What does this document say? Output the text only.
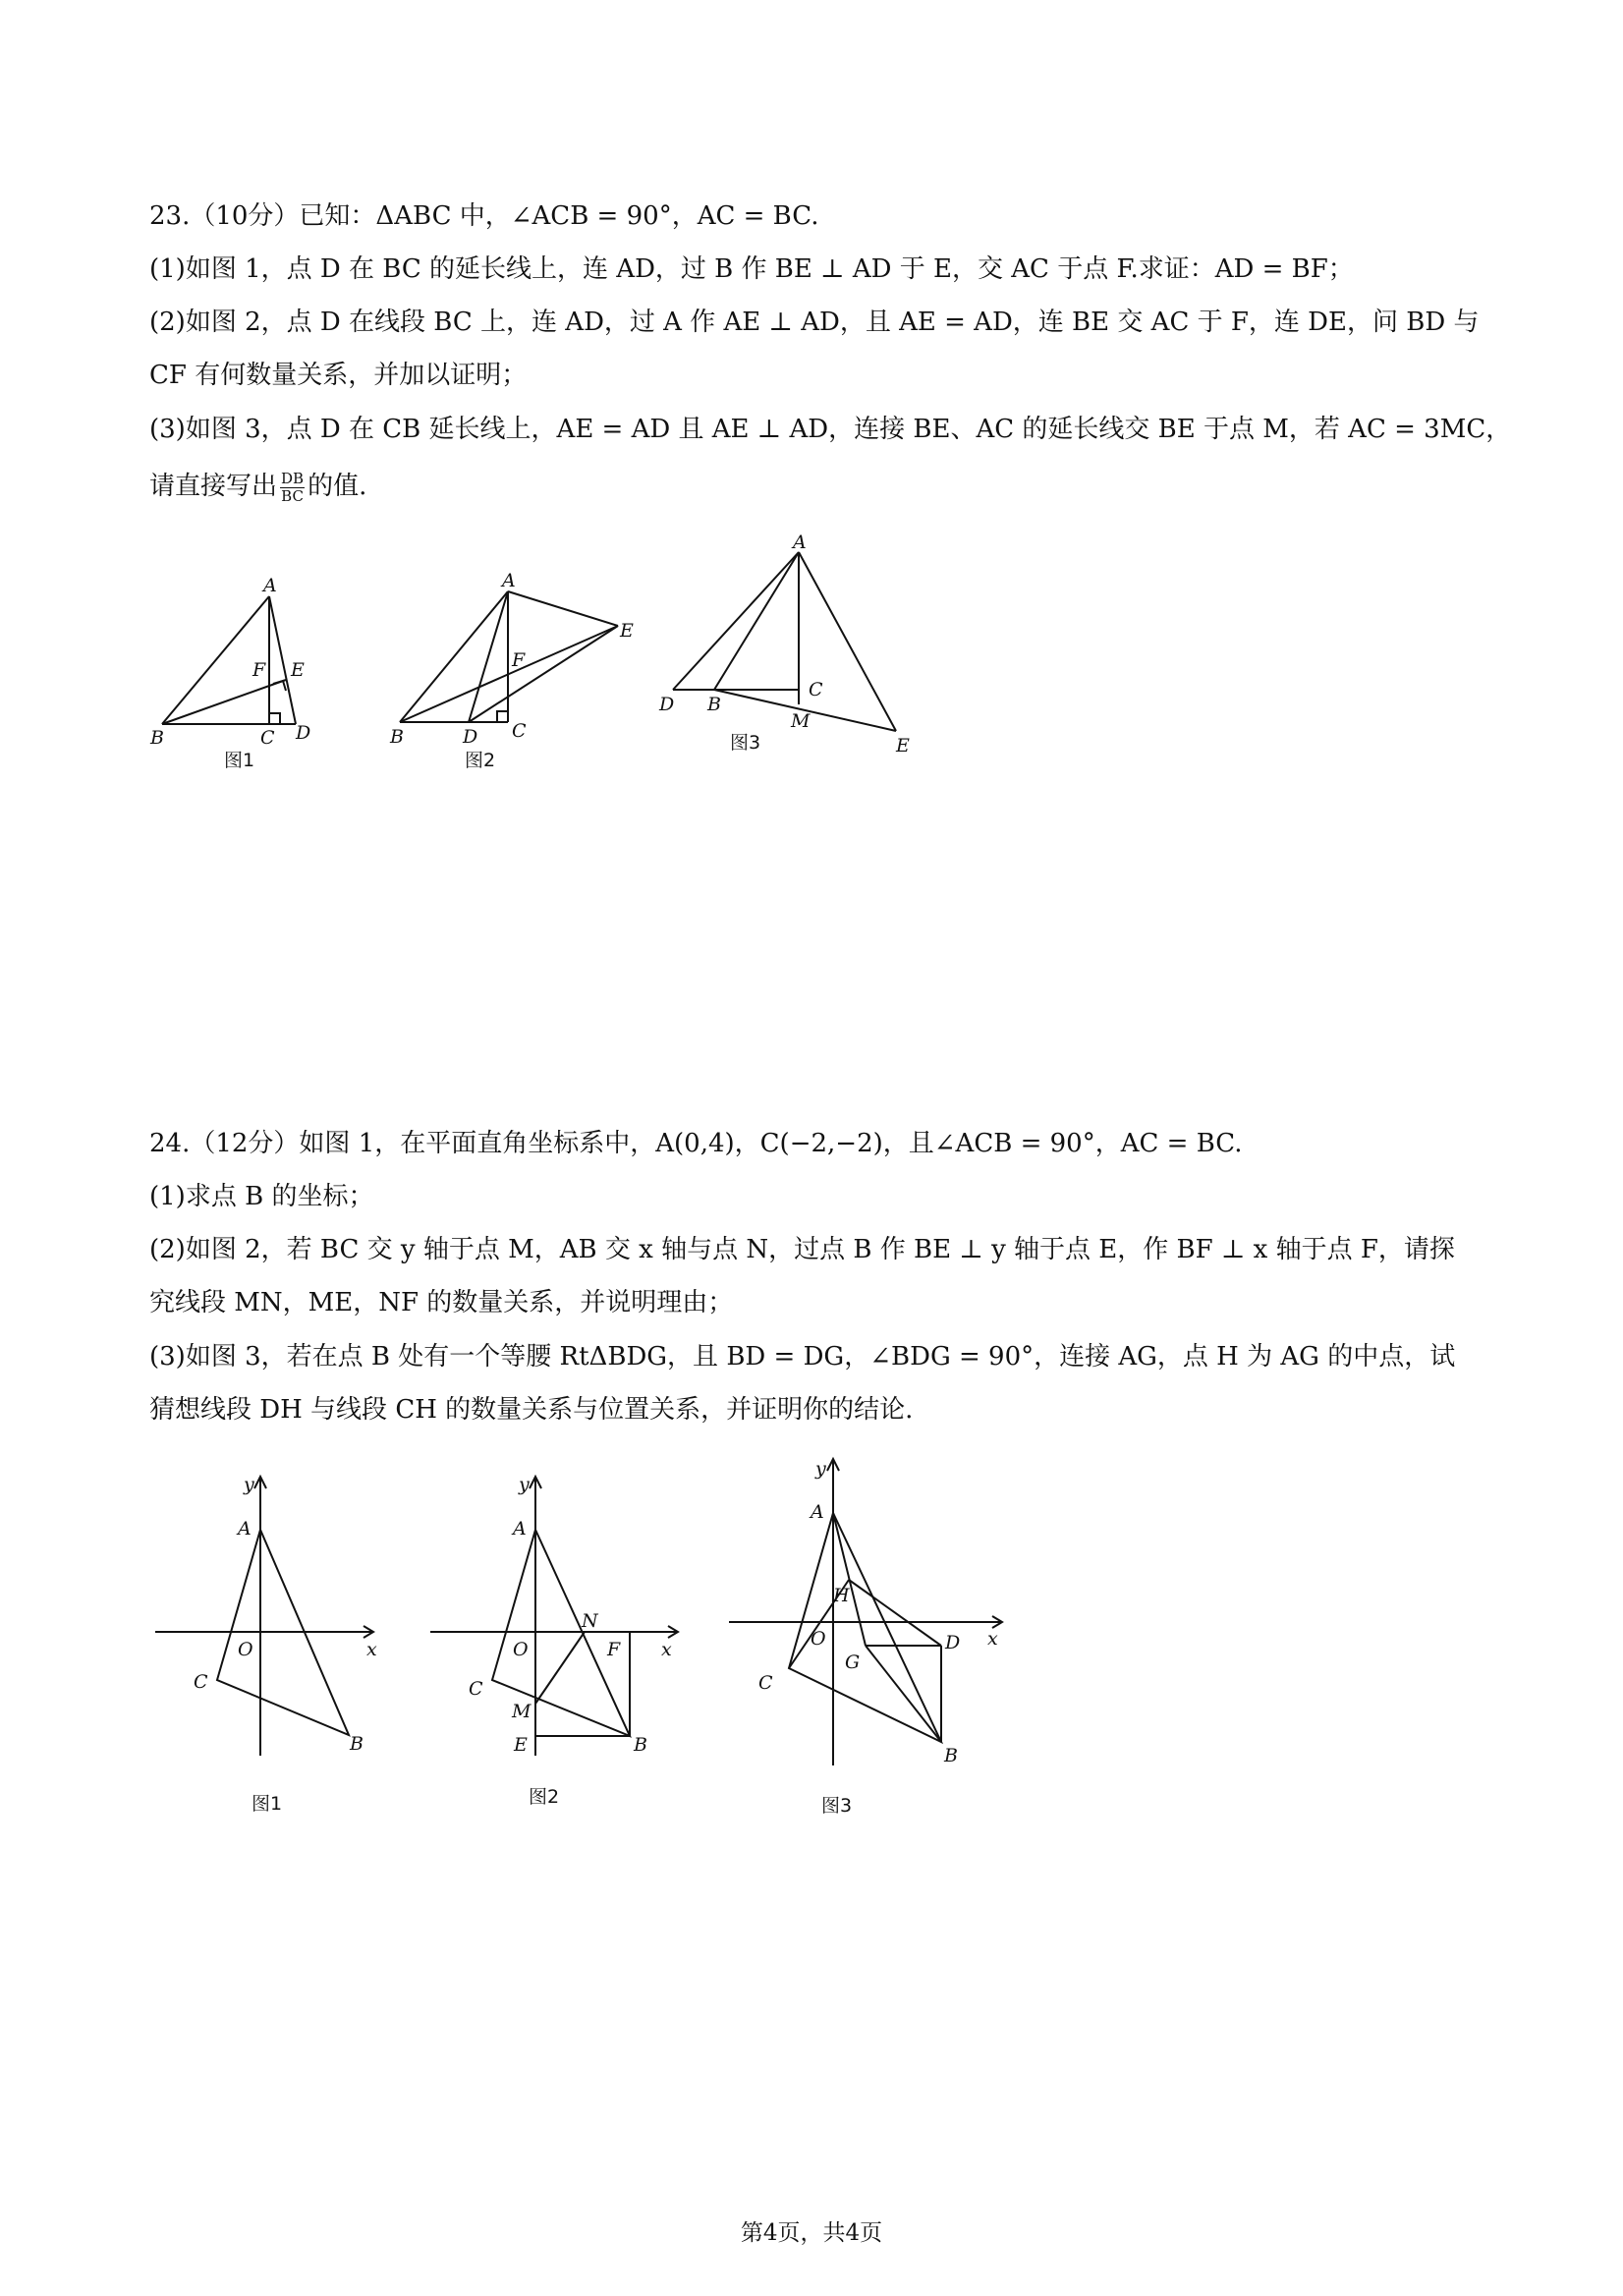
23.（10分）已知：ΔABC 中，∠ACB = 90°，AC = BC.
(1)如图 1，点 D 在 BC 的延长线上，连 AD，过 B 作 BE ⊥ AD 于 E，交 AC 于点 F.求证：AD = BF；
(2)如图 2，点 D 在线段 BC 上，连 AD，过 A 作 AE ⊥ AD，且 AE = AD，连 BE 交 AC 于 F，连 DE，问 BD 与
CF 有何数量关系，并加以证明；
(3)如图 3，点 D 在 CB 延长线上，AE = AD 且 AE ⊥ AD，连接 BE、AC 的延长线交 BE 于点 M，若 AC = 3MC，
请直接写出 $\frac{DB}{BC}$ 的值.
A
B	C D
E
F
图1
A
B	C
D
E
F
图2
A
B
C
D
E
M
图3
24.（12分）如图 1，在平面直角坐标系中，A(0,4)，C(−2,−2)，且∠ACB = 90°，AC = BC.
(1)求点 B 的坐标；
(2)如图 2，若 BC 交 y 轴于点 M，AB 交 x 轴与点 N，过点 B 作 BE ⊥ y 轴于点 E，作 BF ⊥ x 轴于点 F，请探
究线段 MN，ME，NF 的数量关系，并说明理由；
(3)如图 3，若在点 B 处有一个等腰 RtΔBDG，且 BD = DG，∠BDG = 90°，连接 AG，点 H 为 AG 的中点，试
猜想线段 DH 与线段 CH 的数量关系与位置关系，并证明你的结论.
y
A
O	x
C
B
图1
y
A
O
N
F x
C
M
E	B
图2
y
A
H
O
G
D x
C
B
图3
第4页，共4页
